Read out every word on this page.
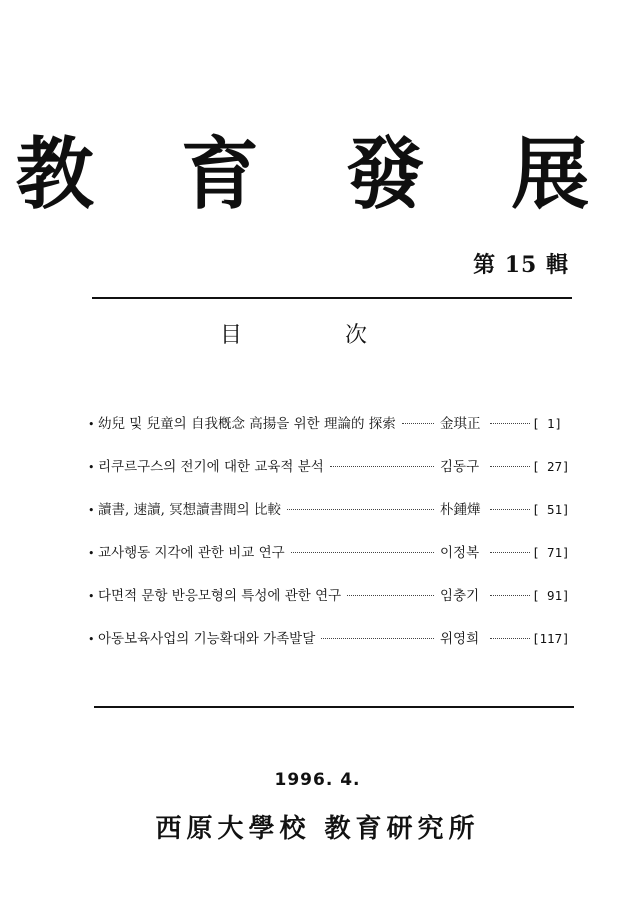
教 育 發 展
第 15 輯
目 次
• 幼兒 및 兒童의 自我槪念 高揚을 위한 理論的 探索	金琪正	[ 1]
• 리쿠르구스의 전기에 대한 교육적 분석	김동구	[ 27]
• 讀書, 速讀, 冥想讀書間의 比較	朴鍾燁	[ 51]
• 교사행동 지각에 관한 비교 연구	이정복	[ 71]
• 다면적 문항 반응모형의 특성에 관한 연구	임충기	[ 91]
• 아동보육사업의 기능확대와 가족발달	위영희	[117]
1996. 4.
西原大學校 教育研究所
